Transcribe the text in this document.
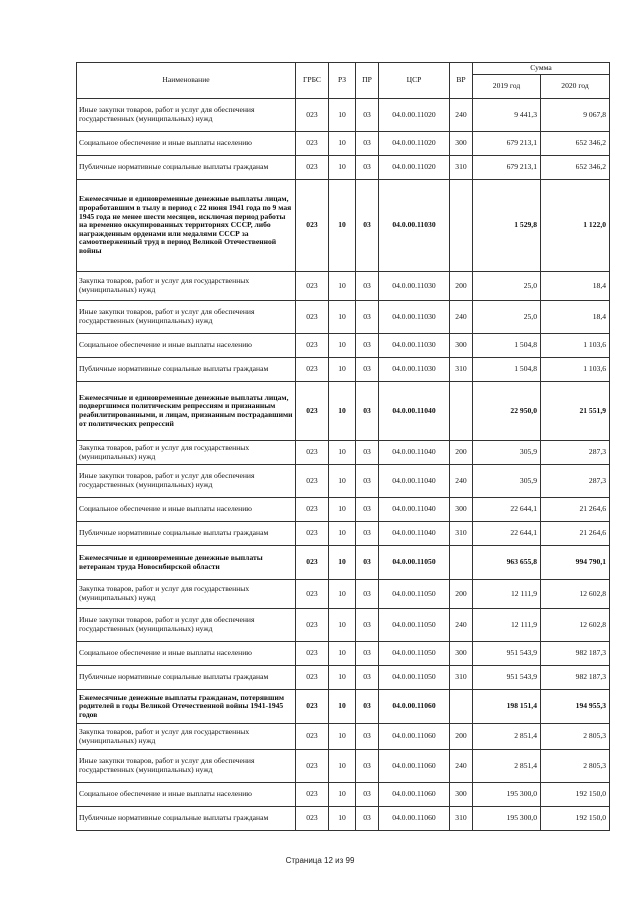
Наименование	ГРБС	РЗ	ПР	ЦСР	ВР	Сумма	
						2019 год	2020 год
Иные закупки товаров, работ и услуг для обеспечения государственных (муниципальных) нужд	023	10	03	04.0.00.11020	240	9 441,3	9 067,8
Социальное обеспечение и иные выплаты населению	023	10	03	04.0.00.11020	300	679 213,1	652 346,2
Публичные нормативные социальные выплаты гражданам	023	10	03	04.0.00.11020	310	679 213,1	652 346,2
Ежемесячные и единовременные денежные выплаты лицам, проработавшим в тылу в период с 22 июня 1941 года по 9 мая 1945 года не менее шести месяцев, исключая период работы на временно оккупированных территориях СССР, либо награжденным орденами или медалями СССР за самоотверженный труд в период Великой Отечественной войны	023	10	03	04.0.00.11030		1 529,8	1 122,0
Закупка товаров, работ и услуг для государственных (муниципальных) нужд	023	10	03	04.0.00.11030	200	25,0	18,4
Иные закупки товаров, работ и услуг для обеспечения государственных (муниципальных) нужд	023	10	03	04.0.00.11030	240	25,0	18,4
Социальное обеспечение и иные выплаты населению	023	10	03	04.0.00.11030	300	1 504,8	1 103,6
Публичные нормативные социальные выплаты гражданам	023	10	03	04.0.00.11030	310	1 504,8	1 103,6
Ежемесячные и единовременные денежные выплаты лицам, подвергшимся политическим репрессиям и признанным реабилитированными, и лицам, признанным пострадавшими от политических репрессий	023	10	03	04.0.00.11040		22 950,0	21 551,9
Закупка товаров, работ и услуг для государственных (муниципальных) нужд	023	10	03	04.0.00.11040	200	305,9	287,3
Иные закупки товаров, работ и услуг для обеспечения государственных (муниципальных) нужд	023	10	03	04.0.00.11040	240	305,9	287,3
Социальное обеспечение и иные выплаты населению	023	10	03	04.0.00.11040	300	22 644,1	21 264,6
Публичные нормативные социальные выплаты гражданам	023	10	03	04.0.00.11040	310	22 644,1	21 264,6
Ежемесячные и единовременные денежные выплаты ветеранам труда Новосибирской области	023	10	03	04.0.00.11050		963 655,8	994 790,1
Закупка товаров, работ и услуг для государственных (муниципальных) нужд	023	10	03	04.0.00.11050	200	12 111,9	12 602,8
Иные закупки товаров, работ и услуг для обеспечения государственных (муниципальных) нужд	023	10	03	04.0.00.11050	240	12 111,9	12 602,8
Социальное обеспечение и иные выплаты населению	023	10	03	04.0.00.11050	300	951 543,9	982 187,3
Публичные нормативные социальные выплаты гражданам	023	10	03	04.0.00.11050	310	951 543,9	982 187,3
Ежемесячные денежные выплаты гражданам, потерявшим родителей в годы Великой Отечественной войны 1941-1945 годов	023	10	03	04.0.00.11060		198 151,4	194 955,3
Закупка товаров, работ и услуг для государственных (муниципальных) нужд	023	10	03	04.0.00.11060	200	2 851,4	2 805,3
Иные закупки товаров, работ и услуг для обеспечения государственных (муниципальных) нужд	023	10	03	04.0.00.11060	240	2 851,4	2 805,3
Социальное обеспечение и иные выплаты населению	023	10	03	04.0.00.11060	300	195 300,0	192 150,0
Публичные нормативные социальные выплаты гражданам	023	10	03	04.0.00.11060	310	195 300,0	192 150,0
Страница 12 из 99
